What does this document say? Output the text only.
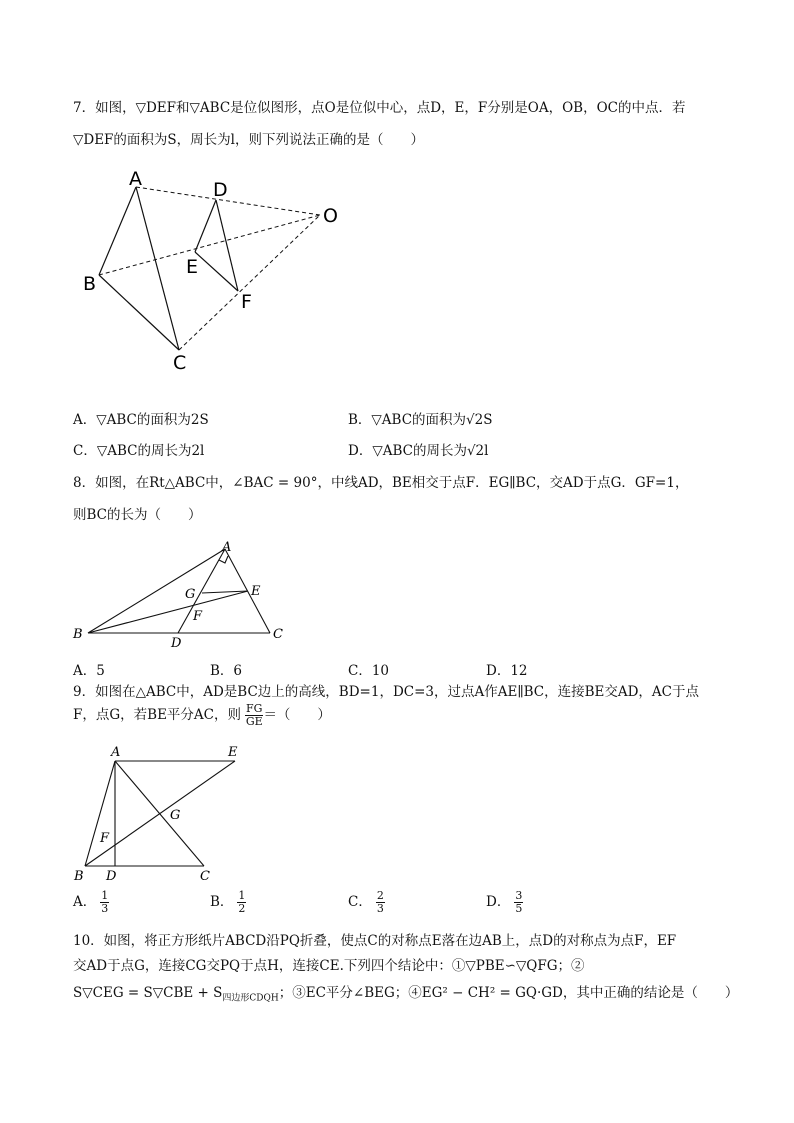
7．如图，▽DEF和▽ABC是位似图形，点O是位似中心，点D，E，F分别是OA，OB，OC的中点．若
▽DEF的面积为S，周长为l，则下列说法正确的是（　　）
A
B
C
D
E
F
O
A．▽ABC的面积为2S	B．▽ABC的面积为√2S
C．▽ABC的周长为2l	D．▽ABC的周长为√2l
8．如图，在Rt△ABC中，∠BAC = 90°，中线AD，BE相交于点F．EG∥BC，交AD于点G．GF=1，
则BC的长为（　　）
A
B	C
D
E
F
G
A．5	B．6	C．10	D．12
9．如图在△ABC中，AD是BC边上的高线，BD=1，DC=3，过点A作AE∥BC，连接BE交AD，AC于点
F，点G，若BE平分AC，则 $\frac{FG}{GE}$ ＝（　　）
A	E
G
F
B D	C
A． $\frac{1}{3}$	B． $\frac{1}{2}$	C． $\frac{2}{3}$	D． $\frac{3}{5}$
10．如图，将正方形纸片ABCD沿PQ折叠，使点C的对称点E落在边AB上，点D的对称点为点F，EF
交AD于点G，连接CG交PQ于点H，连接CE.下列四个结论中：①▽PBE∽▽QFG；②
S▽CEG = S▽CBE + $S_{四边形CDQH}$；③EC平分∠BEG；④EG² − CH² = GQ·GD，其中正确的结论是（　　）
